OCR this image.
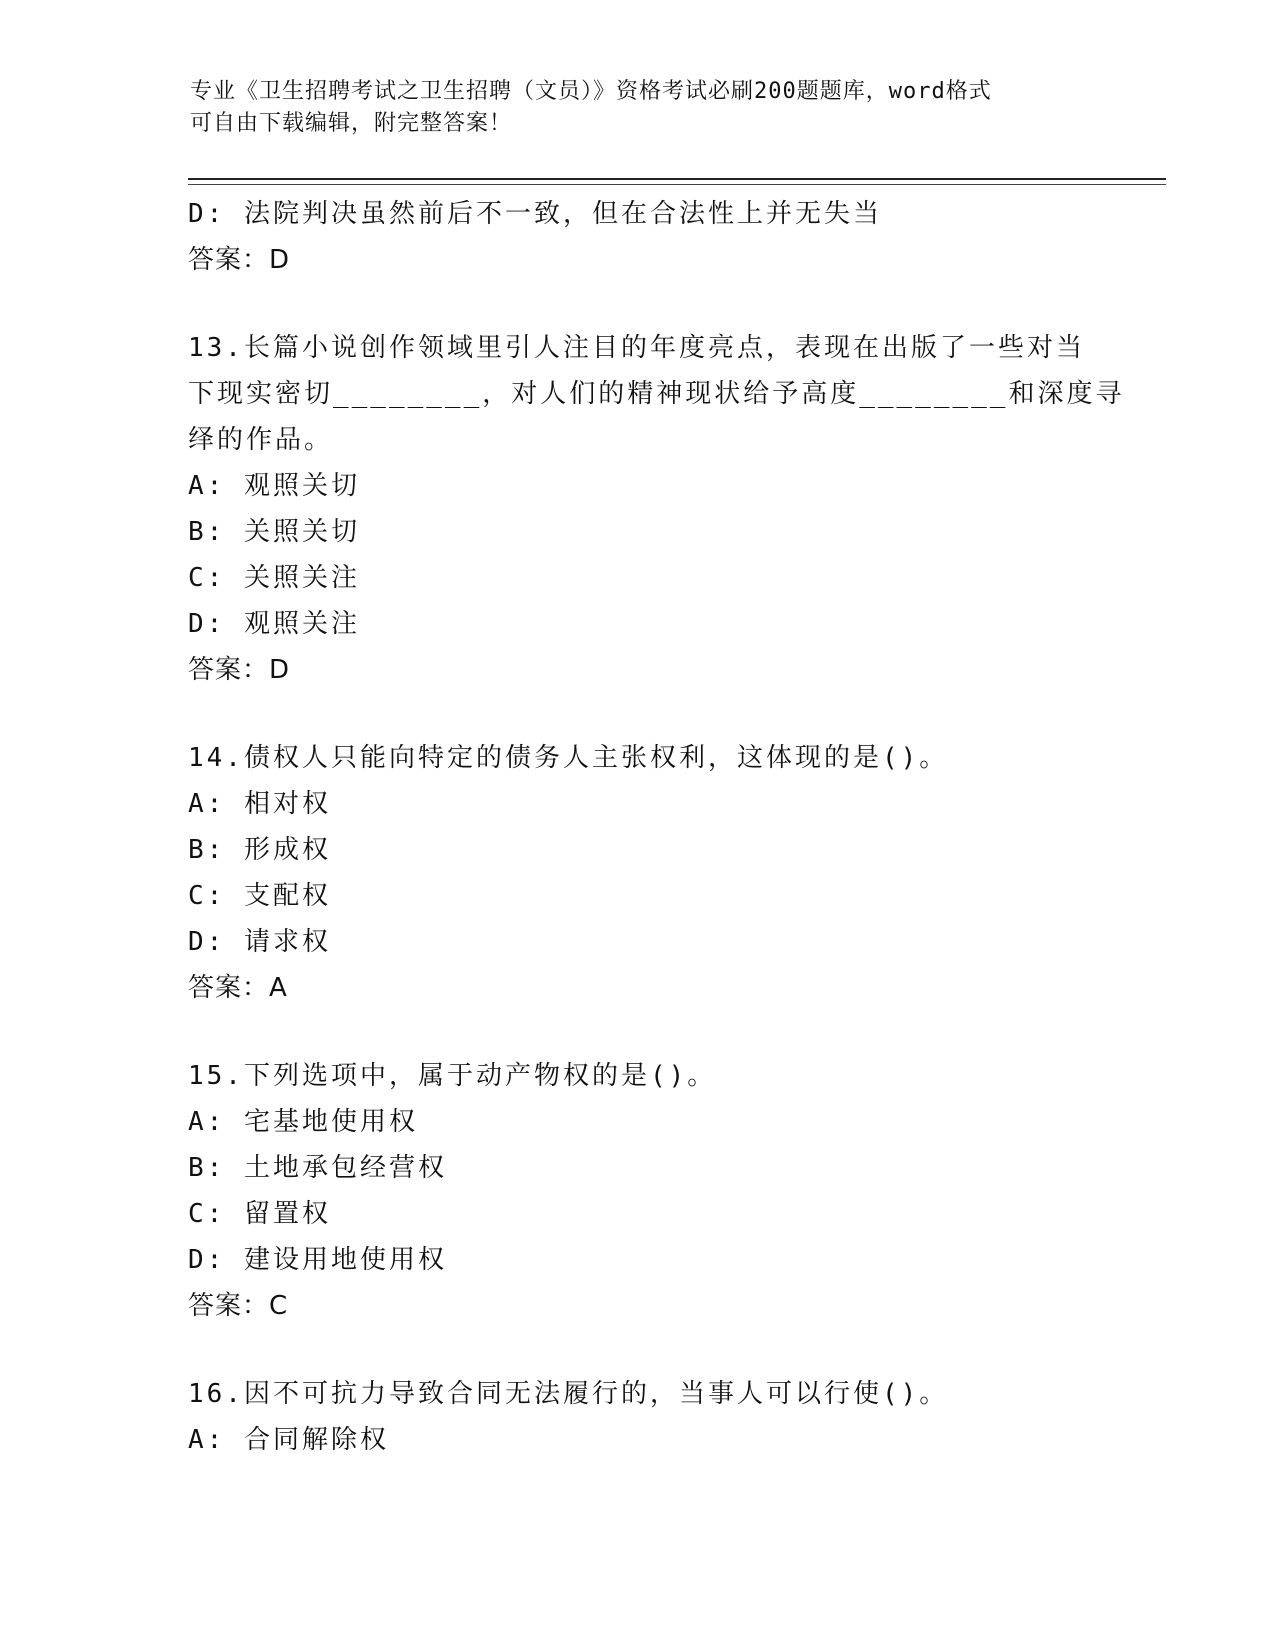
专业《卫生招聘考试之卫生招聘（文员）》资格考试必刷200题题库，word格式
可自由下载编辑，附完整答案！
D: 法院判决虽然前后不一致，但在合法性上并无失当
答案：D
13.长篇小说创作领域里引人注目的年度亮点，表现在出版了一些对当
下现实密切________，对人们的精神现状给予高度________和深度寻
绎的作品。
A: 观照关切
B: 关照关切
C: 关照关注
D: 观照关注
答案：D
14.债权人只能向特定的债务人主张权利，这体现的是()。
A: 相对权
B: 形成权
C: 支配权
D: 请求权
答案：A
15.下列选项中，属于动产物权的是()。
A: 宅基地使用权
B: 土地承包经营权
C: 留置权
D: 建设用地使用权
答案：C
16.因不可抗力导致合同无法履行的，当事人可以行使()。
A: 合同解除权
